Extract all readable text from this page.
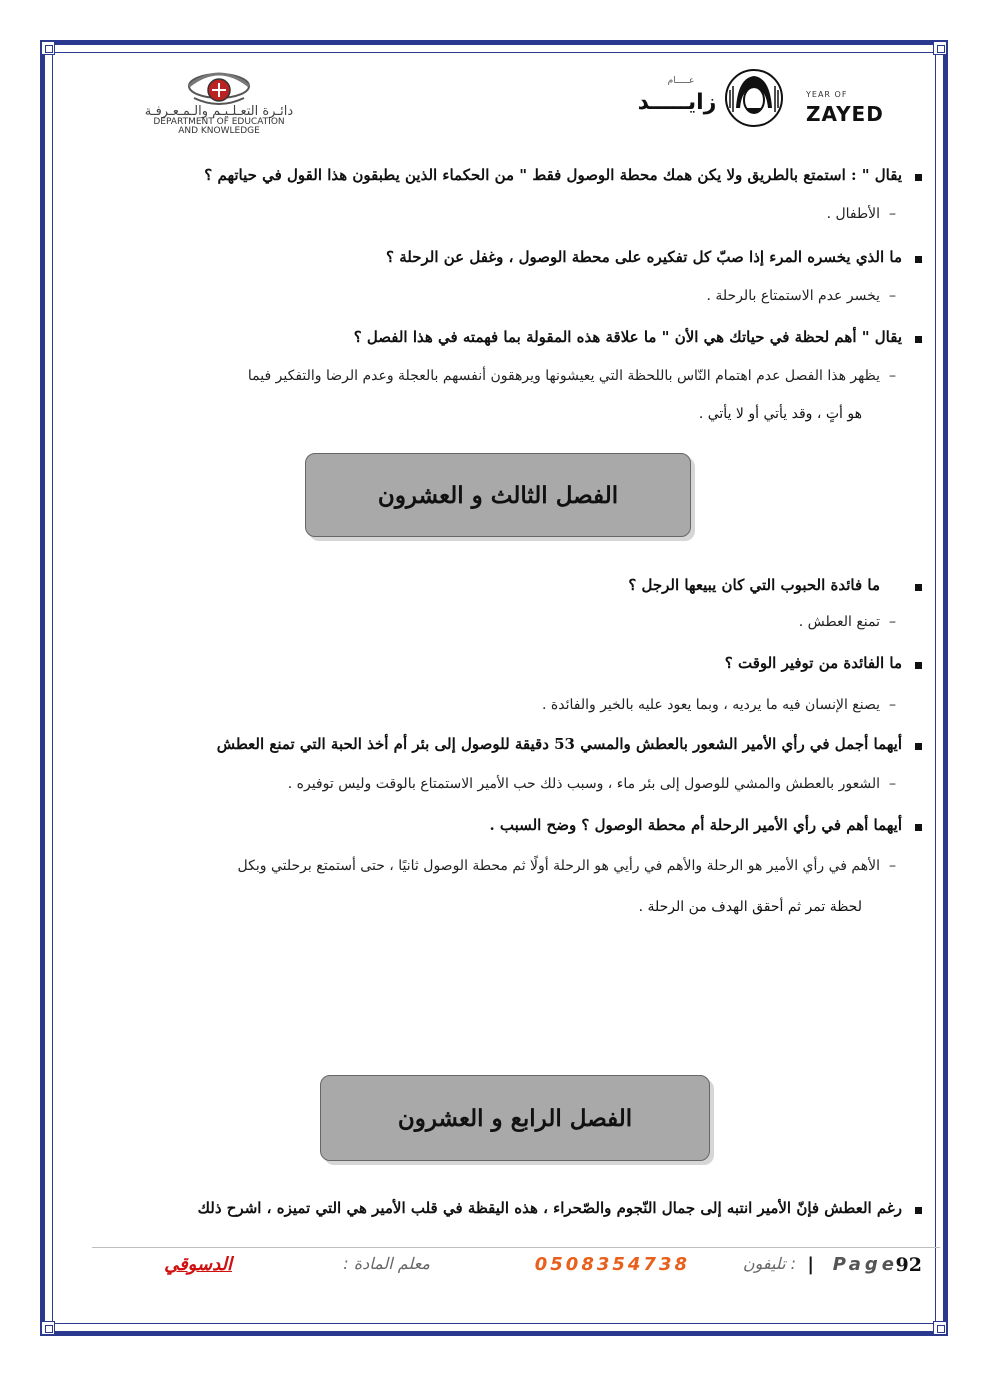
دائـرة التعـلـيـم والـمـعـرفـة
DEPARTMENT OF EDUCATION
AND KNOWLEDGE
عـــــام
زايـــــد	YEAR OF
ZAYED
يقال " : استمتع بالطريق ولا يكن همك محطة الوصول فقط " من الحكماء الذين يطبقون هذا القول في حياتهم ؟
–الأطفال .
ما الذي يخسره المرء إذا صبّ كل تفكيره على محطة الوصول ، وغفل عن الرحلة ؟
–يخسر عدم الاستمتاع بالرحلة .
يقال " أهم لحظة في حياتك هي الأن " ما علاقة هذه المقولة بما فهمته في هذا الفصل ؟
–يظهر هذا الفصل عدم اهتمام النّاس باللحظة التي يعيشونها ويرهقون أنفسهم بالعجلة وعدم الرضا والتفكير فيما
هو أتٍ ، وقد يأتي أو لا يأتي .
الفصل الثالث و العشرون
ما فائدة الحبوب التي كان يبيعها الرجل ؟
–تمنع العطش .
ما الفائدة من توفير الوقت ؟
–يصنع الإنسان فيه ما يرديه ، وبما يعود عليه بالخير والفائدة .
أيهما أجمل في رأي الأمير الشعور بالعطش والمسي 53 دقيقة للوصول إلى بئر أم أخذ الحبة التي تمنع العطش
–الشعور بالعطش والمشي للوصول إلى بئر ماء ، وسبب ذلك حب الأمير الاستمتاع بالوقت وليس توفيره .
أيهما أهم في رأي الأمير الرحلة أم محطة الوصول ؟ وضح السبب .
–الأهم في رأي الأمير هو الرحلة والأهم في رأيي هو الرحلة أولًا ثم محطة الوصول ثانيًا ، حتى أستمتع برحلتي وبكل
لحظة تمر ثم أحقق الهدف من الرحلة .
الفصل الرابع و العشرون
رغم العطش فإنّ الأمير انتبه إلى جمال النّجوم والصّحراء ، هذه اليقظة في قلب الأمير هي التي تميزه ، اشرح ذلك
92
Page
|
: تليفون
0508354738
معلم المادة :
الدسوقي
